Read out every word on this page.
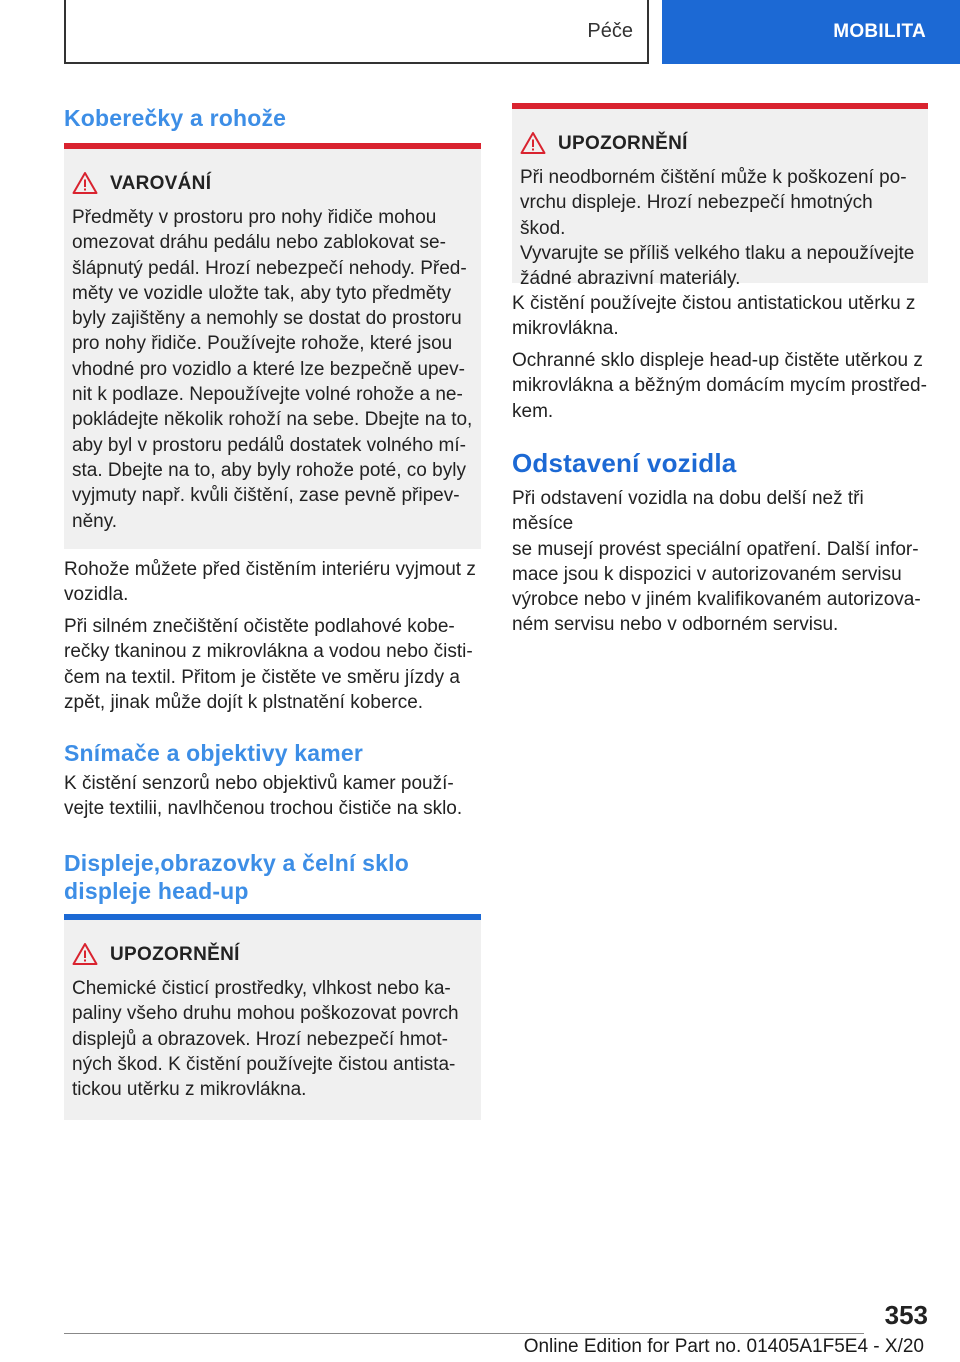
Péče	MOBILITA
Koberečky a rohože
VAROVÁNÍ
Předměty v prostoru pro nohy řidiče mohou
omezovat dráhu pedálu nebo zablokovat se-
šlápnutý pedál. Hrozí nebezpečí nehody. Před-
měty ve vozidle uložte tak, aby tyto předměty
byly zajištěny a nemohly se dostat do prostoru
pro nohy řidiče. Používejte rohože, které jsou
vhodné pro vozidlo a které lze bezpečně upev-
nit k podlaze. Nepoužívejte volné rohože a ne-
pokládejte několik rohoží na sebe. Dbejte na to,
aby byl v prostoru pedálů dostatek volného mí-
sta. Dbejte na to, aby byly rohože poté, co byly
vyjmuty např. kvůli čištění, zase pevně připev-
něny.
Rohože můžete před čistěním interiéru vyjmout z
vozidla.
Při silném znečištění očistěte podlahové kobe-
rečky tkaninou z mikrovlákna a vodou nebo čisti-
čem na textil. Přitom je čistěte ve směru jízdy a
zpět, jinak může dojít k plstnatění koberce.
Snímače a objektivy kamer
K čistění senzorů nebo objektivů kamer použí-
vejte textilii, navlhčenou trochou čističe na sklo.
Displeje,obrazovky a čelní sklo
displeje head-up
UPOZORNĚNÍ
Chemické čisticí prostředky, vlhkost nebo ka-
paliny všeho druhu mohou poškozovat povrch
displejů a obrazovek. Hrozí nebezpečí hmot-
ných škod. K čistění používejte čistou antista-
tickou utěrku z mikrovlákna.
UPOZORNĚNÍ
Při neodborném čištění může k poškození po-
vrchu displeje. Hrozí nebezpečí hmotných škod.
Vyvarujte se příliš velkého tlaku a nepoužívejte
žádné abrazivní materiály.
K čistění používejte čistou antistatickou utěrku z
mikrovlákna.
Ochranné sklo displeje head-up čistěte utěrkou z
mikrovlákna a běžným domácím mycím prostřed-
kem.
Odstavení vozidla
Při odstavení vozidla na dobu delší než tři měsíce
se musejí provést speciální opatření. Další infor-
mace jsou k dispozici v autorizovaném servisu
výrobce nebo v jiném kvalifikovaném autorizova-
ném servisu nebo v odborném servisu.
353
Online Edition for Part no. 01405A1F5E4 - X/20
